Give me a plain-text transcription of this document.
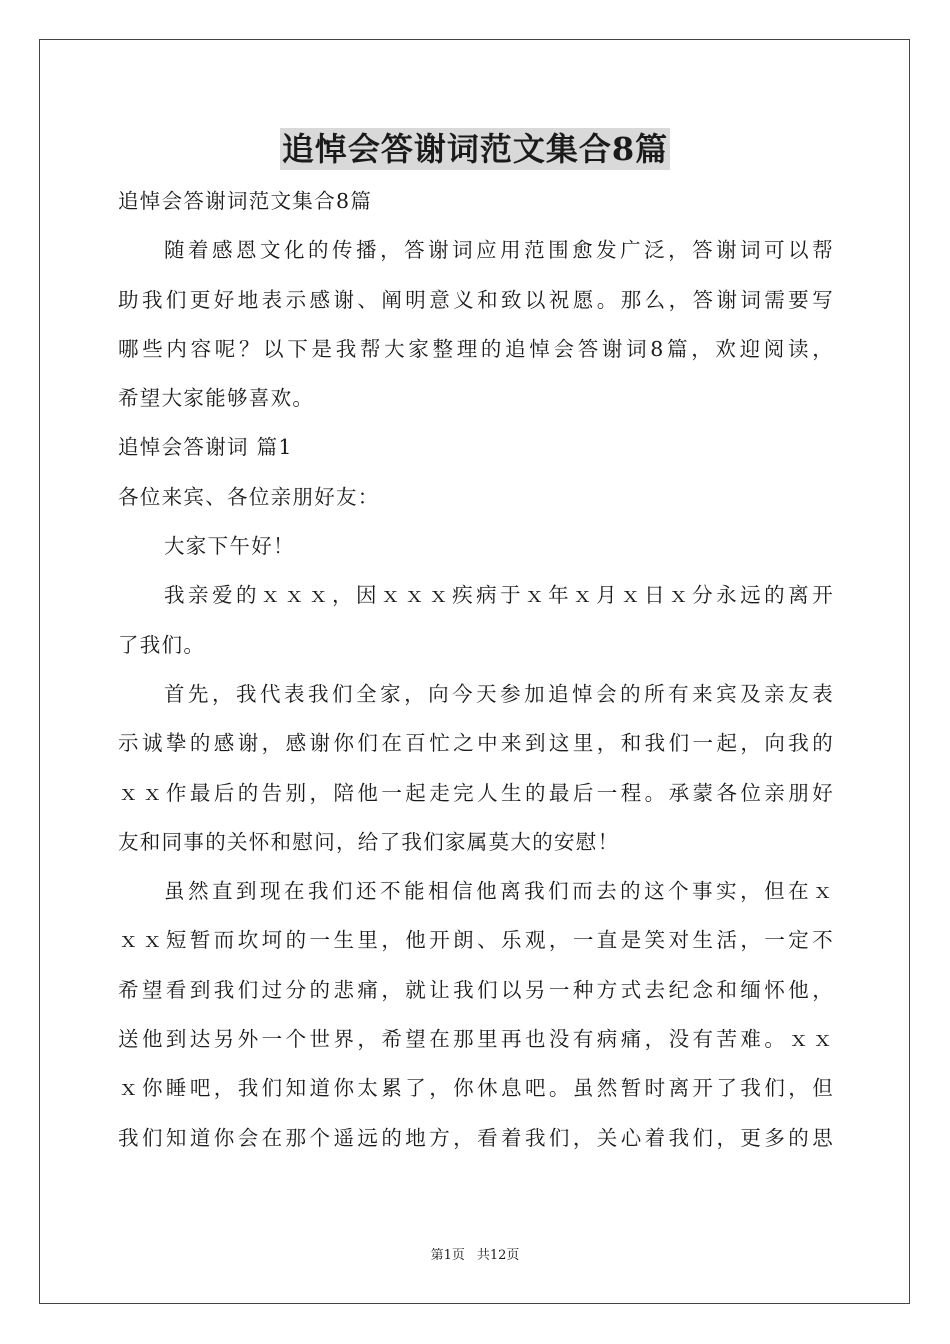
追悼会答谢词范文集合8篇
追悼会答谢词范文集合8篇
随着感恩文化的传播，答谢词应用范围愈发广泛，答谢词可以帮
助我们更好地表示感谢、阐明意义和致以祝愿。那么，答谢词需要写
哪些内容呢？以下是我帮大家整理的追悼会答谢词8篇，欢迎阅读，
希望大家能够喜欢。
追悼会答谢词 篇1
各位来宾、各位亲朋好友：
大家下午好！
我亲爱的ｘｘｘ，因ｘｘｘ疾病于ｘ年ｘ月ｘ日ｘ分永远的离开
了我们。
首先，我代表我们全家，向今天参加追悼会的所有来宾及亲友表
示诚挚的感谢，感谢你们在百忙之中来到这里，和我们一起，向我的
ｘｘ作最后的告别，陪他一起走完人生的最后一程。承蒙各位亲朋好
友和同事的关怀和慰问，给了我们家属莫大的安慰！
虽然直到现在我们还不能相信他离我们而去的这个事实，但在ｘ
ｘｘ短暂而坎坷的一生里，他开朗、乐观，一直是笑对生活，一定不
希望看到我们过分的悲痛，就让我们以另一种方式去纪念和缅怀他，
送他到达另外一个世界，希望在那里再也没有病痛，没有苦难。ｘｘ
ｘ你睡吧，我们知道你太累了，你休息吧。虽然暂时离开了我们，但
我们知道你会在那个遥远的地方，看着我们，关心着我们，更多的思
第1页 共12页
